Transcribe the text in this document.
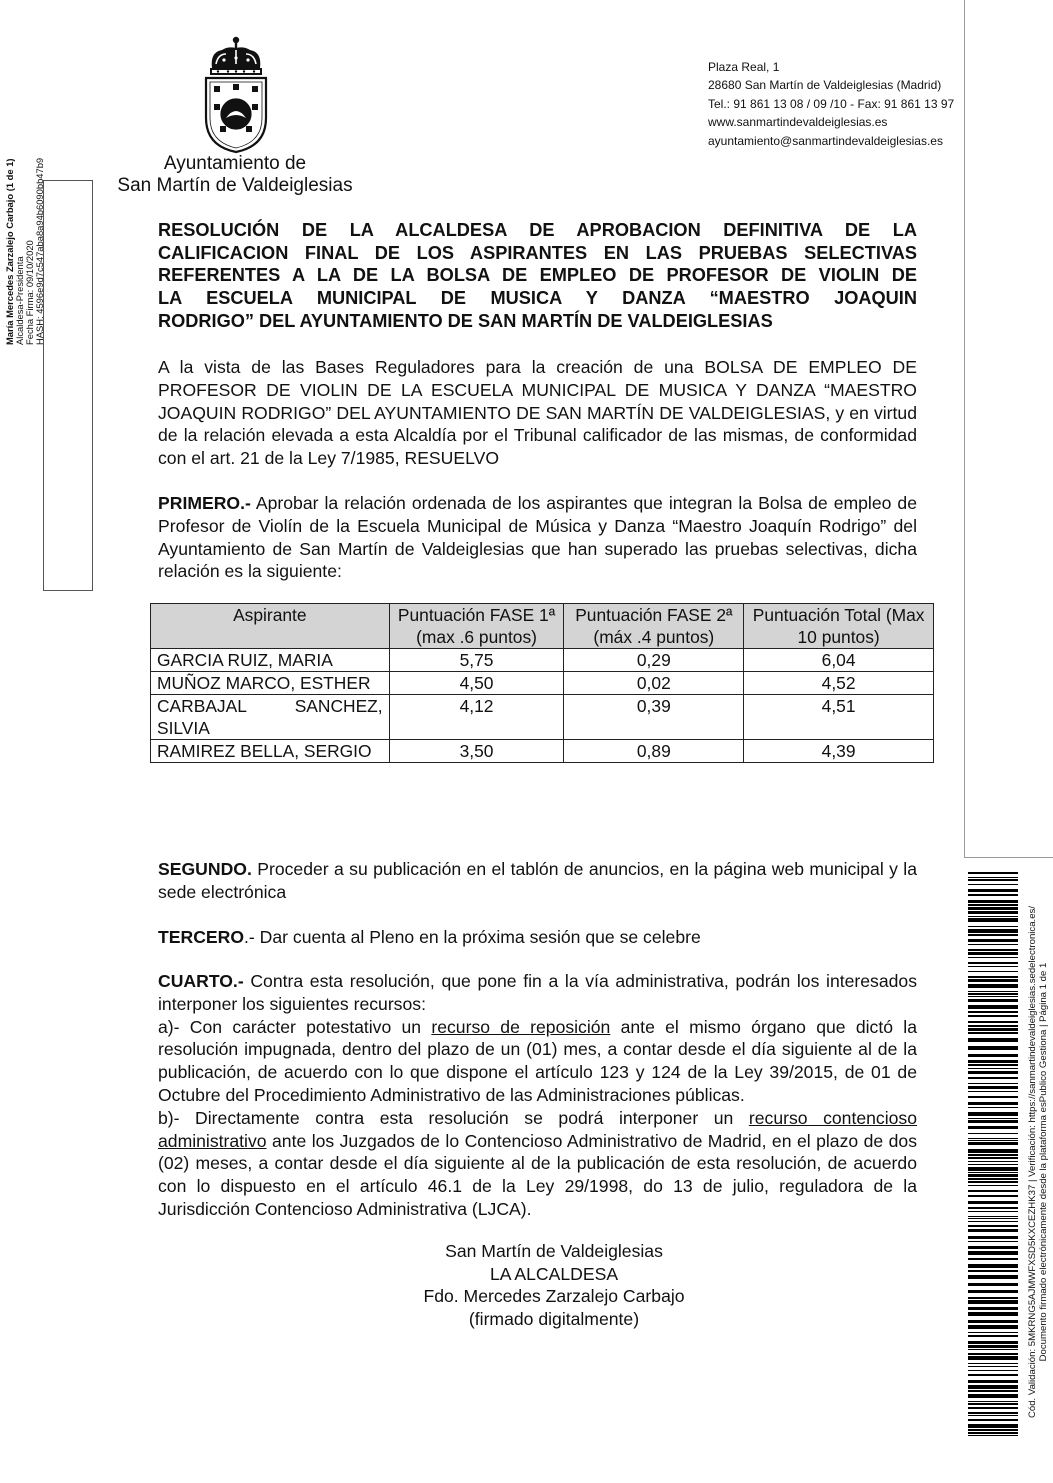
Ayuntamiento de
San Martín de Valdeiglesias
Plaza Real, 1
28680 San Martín de Valdeiglesias (Madrid)
Tel.: 91 861 13 08 / 09 /10 - Fax: 91 861 13 97
www.sanmartindevaldeiglesias.es
ayuntamiento@sanmartindevaldeiglesias.es
María Mercedes Zarzalejo Carbajo (1 de 1) Alcaldesa-Presidenta Fecha Firma: 09/10/2020 HASH: 4596e9d7c547aba8a94b6090bb47b9	RESOLUCIÓN DE LA ALCALDESA DE APROBACION DEFINITIVA DE LA
CALIFICACION FINAL DE LOS ASPIRANTES EN LAS PRUEBAS SELECTIVAS
REFERENTES A LA DE LA BOLSA DE EMPLEO DE PROFESOR DE VIOLIN DE
LA ESCUELA MUNICIPAL DE MUSICA Y DANZA “MAESTRO JOAQUIN
RODRIGO” DEL AYUNTAMIENTO DE SAN MARTÍN DE VALDEIGLESIAS
A la vista de las Bases Reguladores para la creación de una BOLSA DE EMPLEO DE PROFESOR DE VIOLIN DE LA ESCUELA MUNICIPAL DE MUSICA Y DANZA “MAESTRO JOAQUIN RODRIGO” DEL AYUNTAMIENTO DE SAN MARTÍN DE VALDEIGLESIAS, y en virtud de la relación elevada a esta Alcaldía por el Tribunal calificador de las mismas, de conformidad con el art. 21 de la Ley 7/1985, RESUELVO
PRIMERO.- Aprobar la relación ordenada de los aspirantes que integran la Bolsa de empleo de Profesor de Violín de la Escuela Municipal de Música y Danza “Maestro Joaquín Rodrigo” del Ayuntamiento de San Martín de Valdeiglesias que han superado las pruebas selectivas, dicha relación es la siguiente:
Aspirante	Puntuación FASE 1ª (max .6 puntos)	Puntuación FASE 2ª (máx .4 puntos)	Puntuación Total (Max 10 puntos)
GARCIA RUIZ, MARIA	5,75	0,29	6,04
MUÑOZ MARCO, ESTHER	4,50	0,02	4,52
CARBAJAL SANCHEZ, SILVIA	4,12	0,39	4,51
RAMIREZ BELLA, SERGIO	3,50	0,89	4,39
SEGUNDO. Proceder a su publicación en el tablón de anuncios, en la página web municipal y la sede electrónica
TERCERO.- Dar cuenta al Pleno en la próxima sesión que se celebre
CUARTO.- Contra esta resolución, que pone fin a la vía administrativa, podrán los interesados interponer los siguientes recursos:
a)- Con carácter potestativo un recurso de reposición ante el mismo órgano que dictó la resolución impugnada, dentro del plazo de un (01) mes, a contar desde el día siguiente al de la publicación, de acuerdo con lo que dispone el artículo 123 y 124 de la Ley 39/2015, de 01 de Octubre del Procedimiento Administrativo de las Administraciones públicas.
b)- Directamente contra esta resolución se podrá interponer un recurso contencioso administrativo ante los Juzgados de lo Contencioso Administrativo de Madrid, en el plazo de dos (02) meses, a contar desde el día siguiente al de la publicación de esta resolución, de acuerdo con lo dispuesto en el artículo 46.1 de la Ley 29/1998, do 13 de julio, reguladora de la Jurisdicción Contencioso Administrativa (LJCA).
San Martín de Valdeiglesias
LA ALCALDESA
Fdo. Mercedes Zarzalejo Carbajo
(firmado digitalmente)	Cód. Validación: 5MKRNG5AJMWFXSD5KXCEZHK37 | Verificación: https://sanmartindevaldeiglesias.sedelectronica.es/ Documento firmado electrónicamente desde la plataforma esPublico Gestiona | Página 1 de 1
